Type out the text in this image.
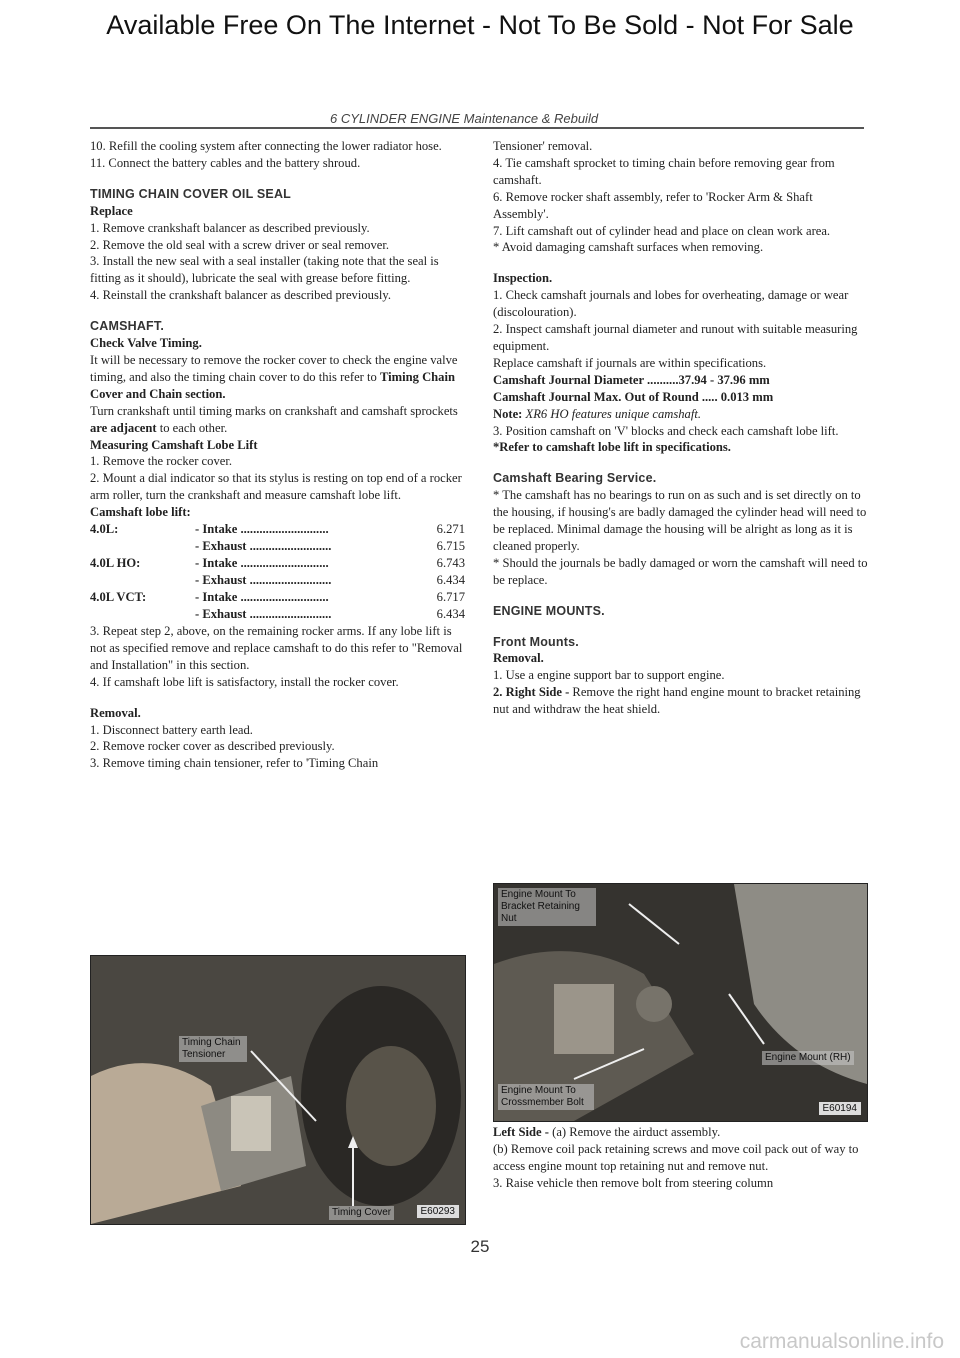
Available Free On The Internet - Not To Be Sold - Not For Sale
6 CYLINDER ENGINE Maintenance & Rebuild

10. Refill the cooling system after connecting the lower radiator hose.

11. Connect the battery cables and the battery shroud.

TIMING CHAIN COVER OIL SEAL

Replace

1. Remove crankshaft balancer as described previously.

2. Remove the old seal with a screw driver or seal remover.

3. Install the new seal with a seal installer (taking note that the seal is fitting as it should), lubricate the seal with grease before fitting.

4. Reinstall the crankshaft balancer as described previously.

CAMSHAFT.

Check Valve Timing.

It will be necessary to remove the rocker cover to check the engine valve timing, and also the timing chain cover to do this refer to Timing Chain Cover and Chain section.

Turn crankshaft until timing marks on crankshaft and camshaft sprockets are adjacent to each other.

Measuring Camshaft Lobe Lift

1. Remove the rocker cover.

2. Mount a dial indicator so that its stylus is resting on top end of a rocker arm roller, turn the crankshaft and measure camshaft lobe lift.

Camshaft lobe lift:

4.0L:	- Intake ............................	6.271
	- Exhaust ..........................	6.715
4.0L HO:	- Intake ............................	6.743
	- Exhaust ..........................	6.434
4.0L VCT:	- Intake ............................	6.717
	- Exhaust ..........................	6.434

3. Repeat step 2, above, on the remaining rocker arms. If any lobe lift is not as specified remove and replace camshaft to do this refer to "Removal and Installation" in this section.

4. If camshaft lobe lift is satisfactory, install the rocker cover.

Removal.

1. Disconnect battery earth lead.

2. Remove rocker cover as described previously.

3. Remove timing chain tensioner, refer to 'Timing Chain

Timing Chain Tensioner
Timing Cover	E60293

Tensioner' removal.

4. Tie camshaft sprocket to timing chain before removing gear from camshaft.

6. Remove rocker shaft assembly, refer to 'Rocker Arm & Shaft Assembly'.

7. Lift camshaft out of cylinder head and place on clean work area.

* Avoid damaging camshaft surfaces when removing.

Inspection.

1. Check camshaft journals and lobes for overheating, damage or wear (discolouration).

2. Inspect camshaft journal diameter and runout with suitable measuring equipment.

Replace camshaft if journals are within specifications.

Camshaft Journal Diameter ..........37.94 - 37.96 mm

Camshaft Journal Max. Out of Round ..... 0.013 mm

Note: XR6 HO features unique camshaft.

3. Position camshaft on 'V' blocks and check each camshaft lobe lift.

*Refer to camshaft lobe lift in specifications.

Camshaft Bearing Service.

* The camshaft has no bearings to run on as such and is set directly on to the housing, if housing's are badly damaged the cylinder head will need to be replaced. Minimal damage the housing will be alright as long as it is cleaned properly.

* Should the journals be badly damaged or worn the camshaft will need to be replace.

ENGINE MOUNTS.

Front Mounts.

Removal.

1. Use a engine support bar to support engine.

2. Right Side - Remove the right hand engine mount to bracket retaining nut and withdraw the heat shield.

Engine Mount To Bracket Retaining Nut
Engine Mount (RH)
Engine Mount To Crossmember Bolt
E60194

Left Side - (a) Remove the airduct assembly.

(b) Remove coil pack retaining screws and move coil pack out of way to access engine mount top retaining nut and remove nut.

3. Raise vehicle then remove bolt from steering column

25
carmanualsonline.info
